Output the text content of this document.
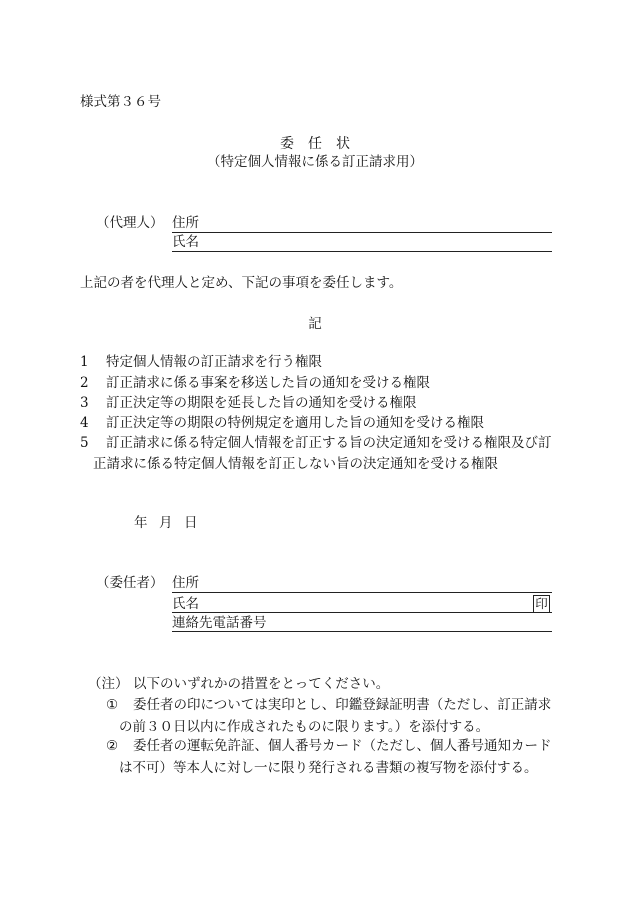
様式第３６号
委　任　状
（特定個人情報に係る訂正請求用）
（代理人） 住所
氏名
上記の者を代理人と定め、下記の事項を委任します。
記
1 特定個人情報の訂正請求を行う権限
2 訂正請求に係る事案を移送した旨の通知を受ける権限
3 訂正決定等の期限を延長した旨の通知を受ける権限
4 訂正決定等の期限の特例規定を適用した旨の通知を受ける権限
5 訂正請求に係る特定個人情報を訂正する旨の決定通知を受ける権限及び訂
正請求に係る特定個人情報を訂正しない旨の決定通知を受ける権限
年 月 日
（委任者） 住所
氏名	印
連絡先電話番号
（注） 以下のいずれかの措置をとってください。
①	委任者の印については実印とし、印鑑登録証明書（ただし、訂正請求の前３０日以内に作成されたものに限ります。）を添付する。
②	委任者の運転免許証、個人番号カード（ただし、個人番号通知カードは不可）等本人に対し一に限り発行される書類の複写物を添付する。
